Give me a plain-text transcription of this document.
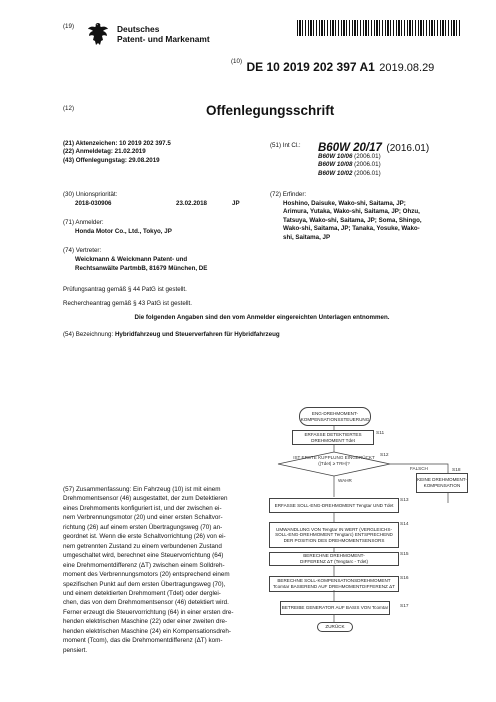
(19)	Deutsches
Patent- und Markenamt
$^{(10)}$ DE 10 2019 202 397 A1 2019.08.29
(12)	Offenlegungsschrift
(21) Aktenzeichen: 10 2019 202 397.5
(22) Anmeldetag: 21.02.2019
(43) Offenlegungstag: 29.08.2019
(51) Int Cl.: B60W 20/17 (2016.01)
B60W 10/06 (2006.01)
B60W 10/08 (2006.01)
B60W 10/02 (2006.01)
(30) Unionspriorität:
2018-030906	23.02.2018	JP
(71) Anmelder:
Honda Motor Co., Ltd., Tokyo, JP
(74) Vertreter:
Weickmann & Weickmann Patent- und
Rechtsanwälte PartmbB, 81679 München, DE
(72) Erfinder:
Hoshino, Daisuke, Wako-shi, Saitama, JP;
Arimura, Yutaka, Wako-shi, Saitama, JP; Ohzu,
Tatsuya, Wako-shi, Saitama, JP; Soma, Shingo,
Wako-shi, Saitama, JP; Tanaka, Yosuke, Wako-
shi, Saitama, JP
Prüfungsantrag gemäß § 44 PatG ist gestellt.
Rechercheantrag gemäß § 43 PatG ist gestellt.
Die folgenden Angaben sind den vom Anmelder eingereichten Unterlagen entnommen.
(54) Bezeichnung: Hybridfahrzeug und Steuerverfahren für Hybridfahrzeug
(57) Zusammenfassung: Ein Fahrzeug (10) ist mit einem
Drehmomentsensor (46) ausgestattet, der zum Detektieren
eines Drehmoments konfiguriert ist, und der zwischen ei-
nem Verbrennungsmotor (20) und einer ersten Schaltvor-
richtung (26) auf einem ersten Übertragungsweg (70) an-
geordnet ist. Wenn die erste Schaltvorrichtung (26) von ei-
nem getrennten Zustand zu einem verbundenen Zustand
umgeschaltet wird, berechnet eine Steuervorrichtung (64)
eine Drehmomentdifferenz (ΔT) zwischen einem Solldreh-
moment des Verbrennungsmotors (20) entsprechend einem
spezifischen Punkt auf dem ersten Übertragungsweg (70),
und einem detektierten Drehmoment (Tdet) oder derglei-
chen, das von dem Drehmomentsensor (46) detektiert wird.
Ferner erzeugt die Steuervorrichtung (64) in einer ersten dre-
henden elektrischen Maschine (22) oder einer zweiten dre-
henden elektrischen Maschine (24) ein Kompensationsdreh-
moment (Tcom), das die Drehmomentdifferenz (ΔT) kom-
pensiert.
ENG-DREHMOMENT-
KOMPENSATIONSSTEUERUNG
ERFASSE DETEKTIERTES
DREHMOMENT Tdet
S11
IST ERSTE KUPPLUNG EINGERÜCKT
(|Tdet| ≥ TRH)?
S12
WAHR
FALSCH	S18
KEINE DREHMOMENT-
KOMPENSATION
S13
ERFASSE SOLL-ENG-DREHMOMENT Tengtar UND Tdet
S14
UMWANDLUNG VON Tengtar IN WERT (VERGLEICHS-
SOLL-ENG-DREHMOMENT Tengtarc) ENTSPRECHEND
DER POSITION DES DREHMOMENTSENSORS
S15
BERECHNE DREHMOMENT-
DIFFERENZ ΔT (Tengtarc - Tdet)
S16
BERECHNE SOLL-KOMPENSATIONSDREHMOMENT
Tcomtar BASIEREND AUF DREHMOMENTDIFFERENZ ΔT
S17
BETREIBE GENERATOR AUF BASIS VON Tcomtar
ZURÜCK
